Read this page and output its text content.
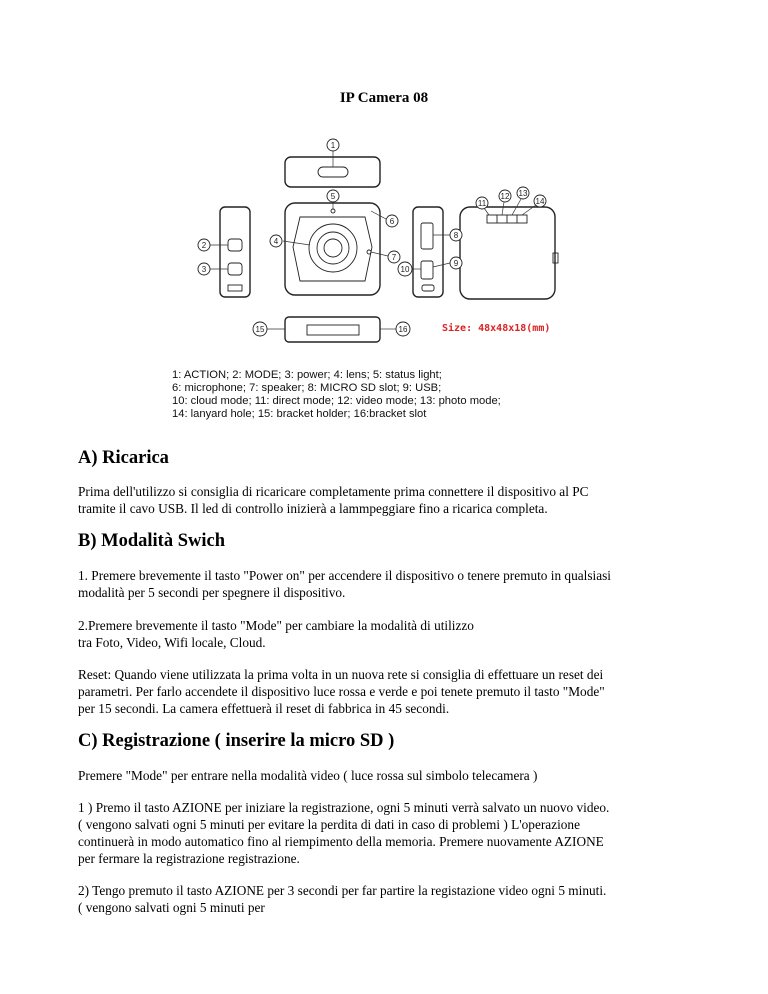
IP Camera 08
Size: 48x48x18(mm)
1
2
3
4
5
6
7
8
9
10
11
12 13
14
15	16
1: ACTION; 2: MODE; 3: power; 4: lens; 5: status light;
6: microphone; 7: speaker; 8: MICRO SD slot; 9: USB;
10: cloud mode; 11: direct mode; 12: video mode; 13: photo mode;
14: lanyard hole; 15: bracket holder; 16:bracket slot
A) Ricarica
Prima dell'utilizzo si consiglia di ricaricare completamente prima connettere il dispositivo al PC
tramite il cavo USB. Il led di controllo inizierà a lammpeggiare fino a ricarica completa.
B) Modalità Swich
1. Premere brevemente il tasto "Power on" per accendere il dispositivo o tenere premuto in qualsiasi
modalità per 5 secondi per spegnere il dispositivo.
2.Premere brevemente il tasto "Mode" per cambiare la modalità di utilizzo
tra Foto, Video, Wifi locale, Cloud.
Reset: Quando viene utilizzata la prima volta in un nuova rete si consiglia di effettuare un reset dei
parametri. Per farlo accendete il dispositivo luce rossa e verde e poi tenete premuto il tasto "Mode"
per 15 secondi. La camera effettuerà il reset di fabbrica in 45 secondi.
C) Registrazione ( inserire la micro SD )
Premere "Mode" per entrare nella modalità video ( luce rossa sul simbolo telecamera )
1 ) Premo il tasto AZIONE per iniziare la registrazione, ogni 5 minuti verrà salvato un nuovo video.
( vengono salvati ogni 5 minuti per evitare la perdita di dati in caso di problemi ) L'operazione
continuerà in modo automatico fino al riempimento della memoria. Premere nuovamente AZIONE
per fermare la registrazione registrazione.
2) Tengo premuto il tasto AZIONE per 3 secondi per far partire la registazione video ogni 5 minuti.
( vengono salvati ogni 5 minuti per
